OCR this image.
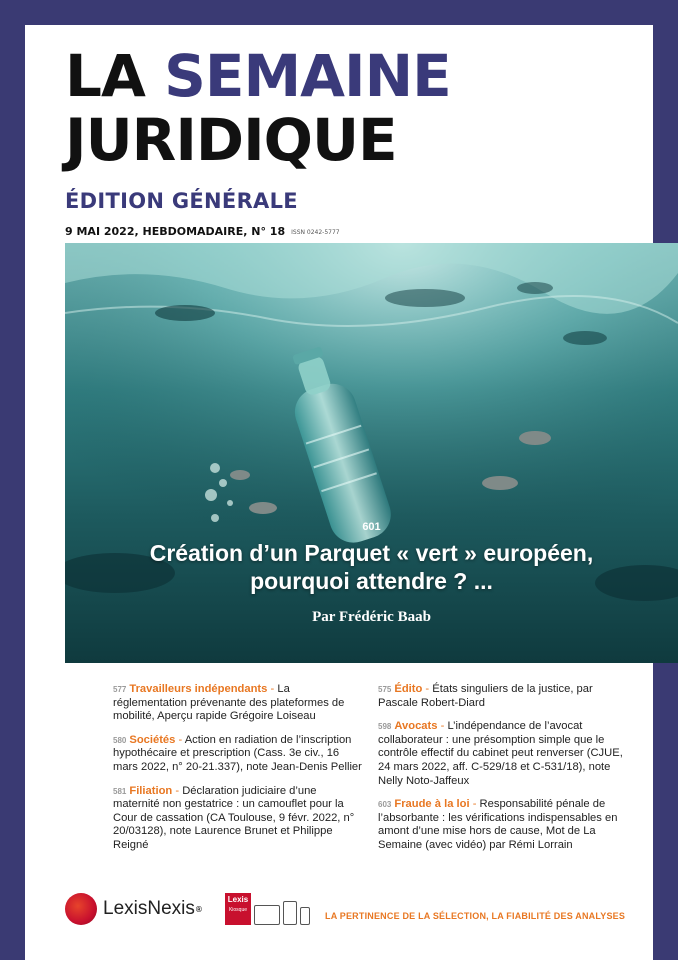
LA SEMAINE
JURIDIQUE
ÉDITION GÉNÉRALE
9 MAI 2022, HEBDOMADAIRE, N° 18 ISSN 0242-5777
601
Création d’un Parquet « vert » européen,
pourquoi attendre ? ...
Par Frédéric Baab
577 Travailleurs indépendants - La réglementation prévenante des plateformes de mobilité, Aperçu rapide Grégoire Loiseau
580 Sociétés - Action en radiation de l’inscription hypothécaire et prescription (Cass. 3e civ., 16 mars 2022, n° 20-21.337), note Jean-Denis Pellier
581 Filiation - Déclaration judiciaire d’une maternité non gestatrice : un camouflet pour la Cour de cassation (CA Toulouse, 9 févr. 2022, n° 20/03128), note Laurence Brunet et Philippe Reigné
575 Édito - États singuliers de la justice, par Pascale Robert-Diard
598 Avocats - L’indépendance de l’avocat collaborateur : une présomption simple que le contrôle effectif du cabinet peut renverser (CJUE, 24 mars 2022, aff. C-529/18 et C-531/18), note Nelly Noto-Jaffeux
603 Fraude à la loi - Responsabilité pénale de l’absorbante : les vérifications indispensables en amont d’une mise hors de cause, Mot de La Semaine (avec vidéo) par Rémi Lorrain
LexisNexis ®
Lexis
Kiosque
LA PERTINENCE DE LA SÉLECTION, LA FIABILITÉ DES ANALYSES
